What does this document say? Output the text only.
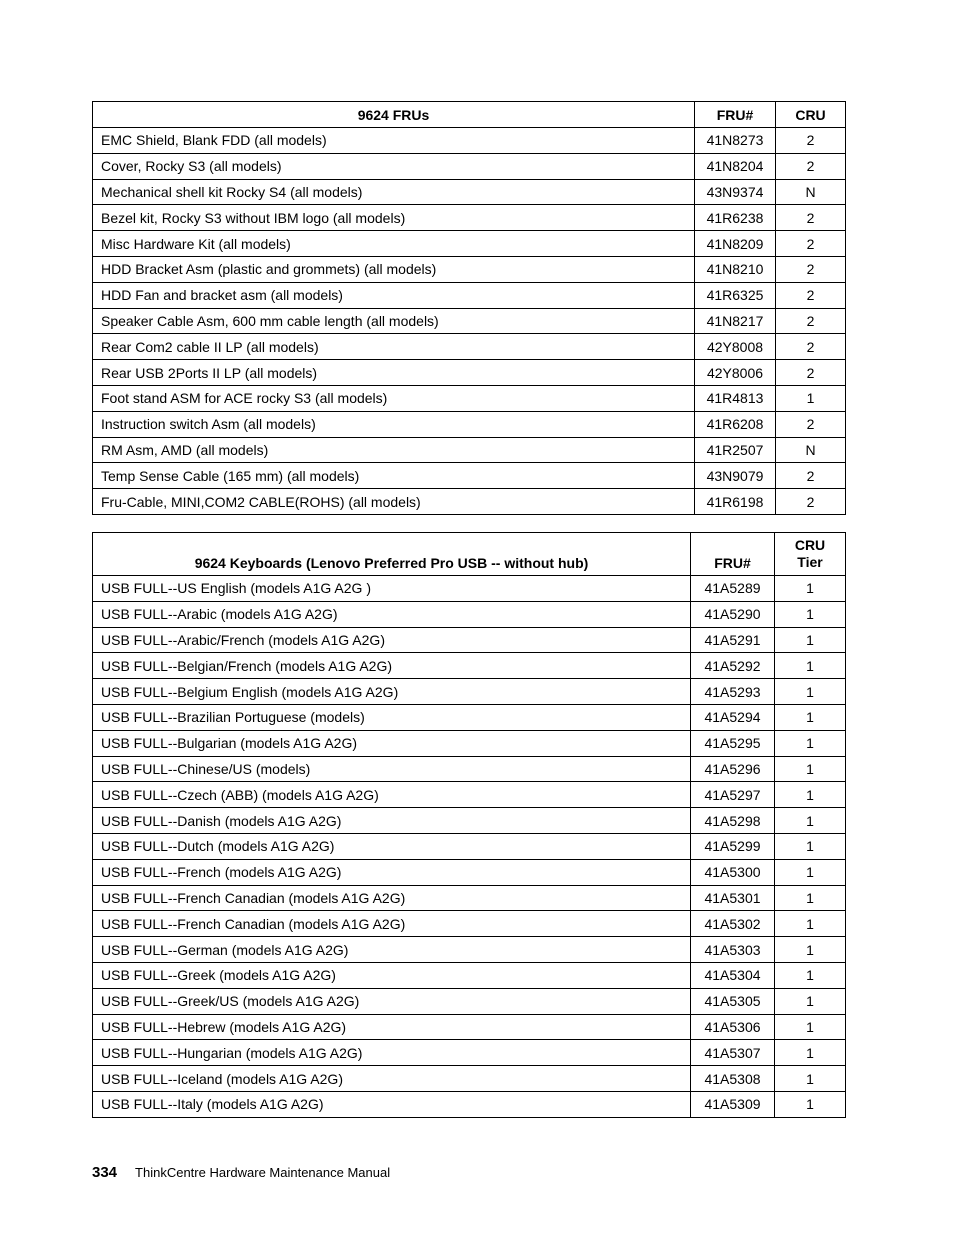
9624 FRUs	FRU#	CRU
EMC Shield, Blank FDD (all models)	41N8273	2
Cover, Rocky S3 (all models)	41N8204	2
Mechanical shell kit Rocky S4 (all models)	43N9374	N
Bezel kit, Rocky S3 without IBM logo (all models)	41R6238	2
Misc Hardware Kit (all models)	41N8209	2
HDD Bracket Asm (plastic and grommets) (all models)	41N8210	2
HDD Fan and bracket asm (all models)	41R6325	2
Speaker Cable Asm, 600 mm cable length (all models)	41N8217	2
Rear Com2 cable II LP (all models)	42Y8008	2
Rear USB 2Ports II LP (all models)	42Y8006	2
Foot stand ASM for ACE rocky S3 (all models)	41R4813	1
Instruction switch Asm (all models)	41R6208	2
RM Asm, AMD (all models)	41R2507	N
Temp Sense Cable (165 mm) (all models)	43N9079	2
Fru-Cable, MINI,COM2 CABLE(ROHS) (all models)	41R6198	2
9624 Keyboards (Lenovo Preferred Pro USB -- without hub)	FRU#	CRU
Tier
USB FULL--US English (models A1G A2G )	41A5289	1
USB FULL--Arabic (models A1G A2G)	41A5290	1
USB FULL--Arabic/French (models A1G A2G)	41A5291	1
USB FULL--Belgian/French (models A1G A2G)	41A5292	1
USB FULL--Belgium English (models A1G A2G)	41A5293	1
USB FULL--Brazilian Portuguese (models)	41A5294	1
USB FULL--Bulgarian (models A1G A2G)	41A5295	1
USB FULL--Chinese/US (models)	41A5296	1
USB FULL--Czech (ABB) (models A1G A2G)	41A5297	1
USB FULL--Danish (models A1G A2G)	41A5298	1
USB FULL--Dutch (models A1G A2G)	41A5299	1
USB FULL--French (models A1G A2G)	41A5300	1
USB FULL--French Canadian (models A1G A2G)	41A5301	1
USB FULL--French Canadian (models A1G A2G)	41A5302	1
USB FULL--German (models A1G A2G)	41A5303	1
USB FULL--Greek (models A1G A2G)	41A5304	1
USB FULL--Greek/US (models A1G A2G)	41A5305	1
USB FULL--Hebrew (models A1G A2G)	41A5306	1
USB FULL--Hungarian (models A1G A2G)	41A5307	1
USB FULL--Iceland (models A1G A2G)	41A5308	1
USB FULL--Italy (models A1G A2G)	41A5309	1
334 ThinkCentre Hardware Maintenance Manual
